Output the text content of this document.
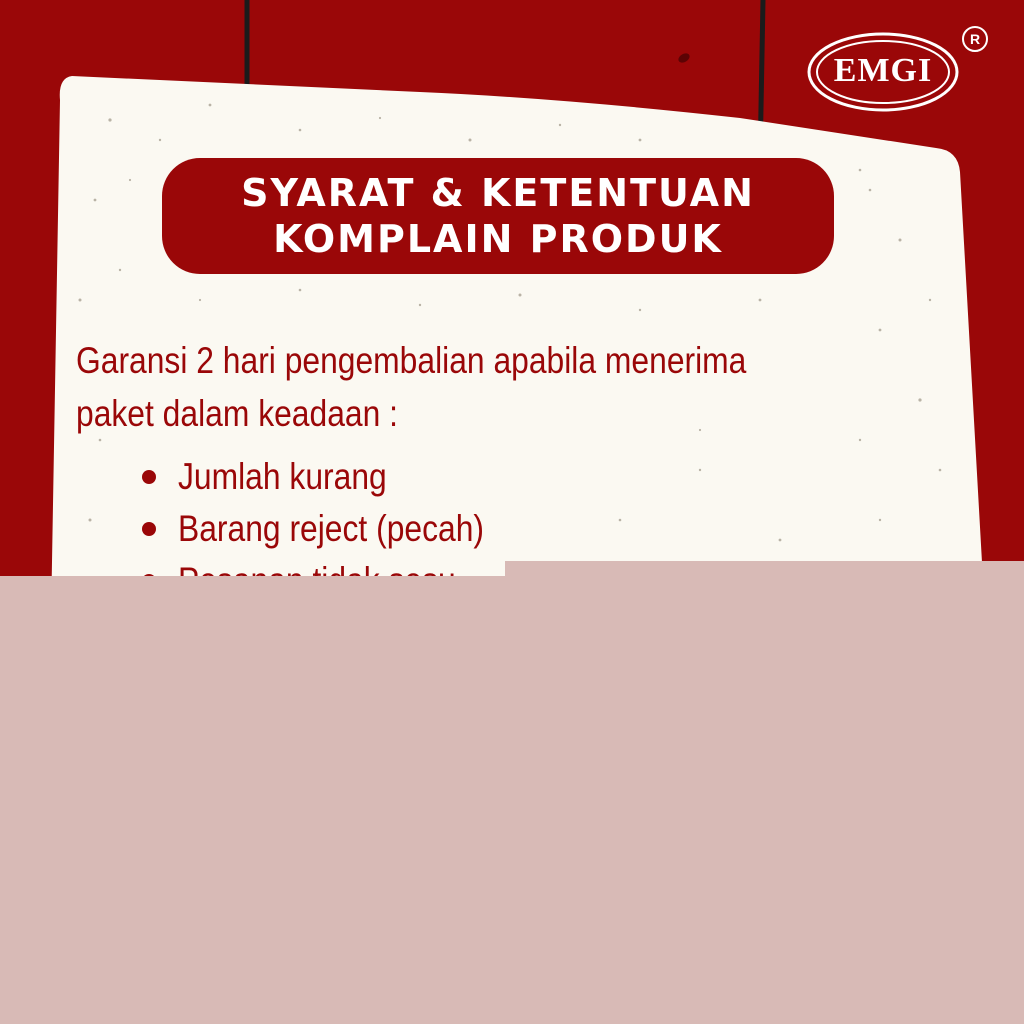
EMGI
R
SYARAT & KETENTUAN
KOMPLAIN PRODUK
Garansi 2 hari pengembalian apabila menerima paket dalam keadaan :
Jumlah kurang
Barang reject (pecah)
